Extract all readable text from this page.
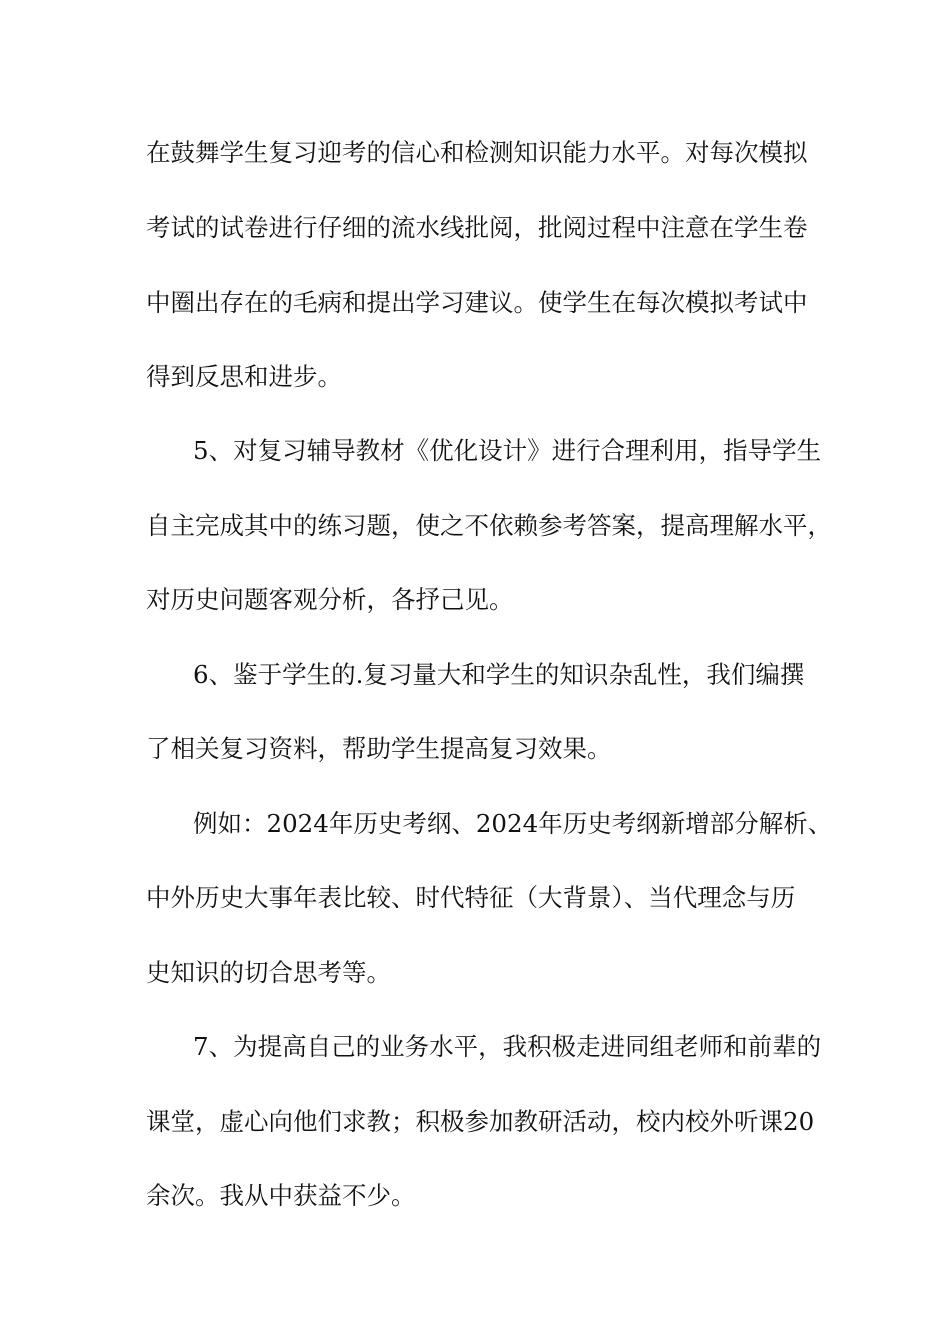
在鼓舞学生复习迎考的信心和检测知识能力水平。对每次模拟
考试的试卷进行仔细的流水线批阅，批阅过程中注意在学生卷
中圈出存在的毛病和提出学习建议。使学生在每次模拟考试中
得到反思和进步。
5、对复习辅导教材《优化设计》进行合理利用，指导学生
自主完成其中的练习题，使之不依赖参考答案，提高理解水平，
对历史问题客观分析，各抒己见。
6、鉴于学生的.复习量大和学生的知识杂乱性，我们编撰
了相关复习资料，帮助学生提高复习效果。
例如：2024年历史考纲、2024年历史考纲新增部分解析、
中外历史大事年表比较、时代特征（大背景）、当代理念与历
史知识的切合思考等。
7、为提高自己的业务水平，我积极走进同组老师和前辈的
课堂，虚心向他们求教；积极参加教研活动，校内校外听课20
余次。我从中获益不少。
